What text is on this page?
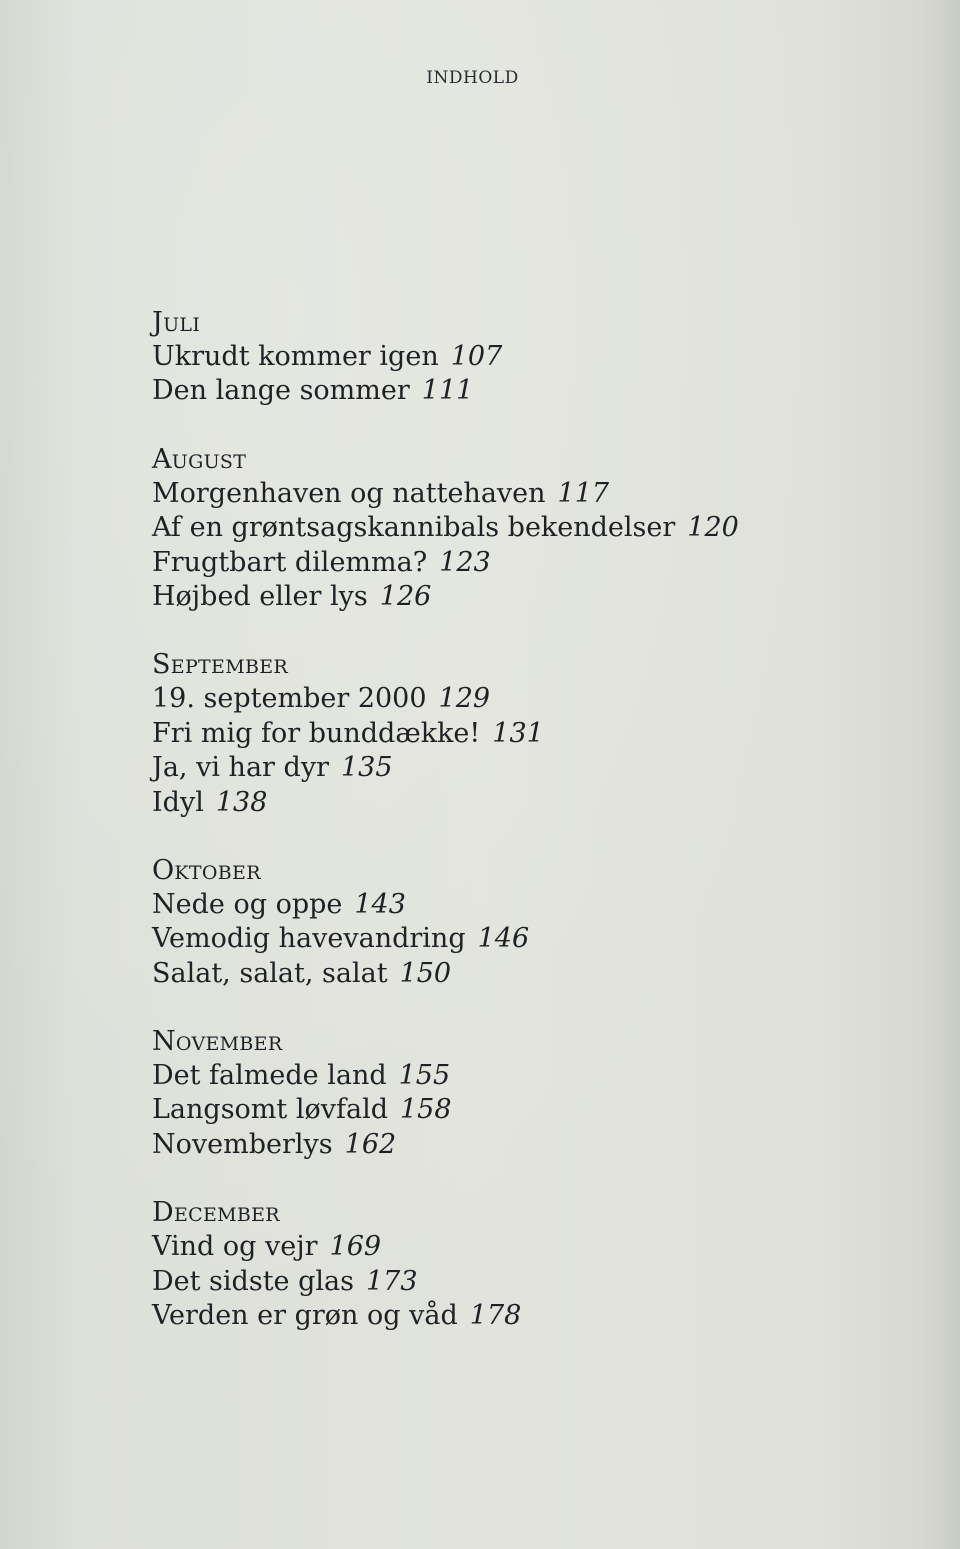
INDHOLD
Juli
Ukrudt kommer igen 107
Den lange sommer 111
August
Morgenhaven og nattehaven 117
Af en grøntsagskannibals bekendelser 120
Frugtbart dilemma? 123
Højbed eller lys 126
September
19. september 2000 129
Fri mig for bunddække! 131
Ja, vi har dyr 135
Idyl 138
Oktober
Nede og oppe 143
Vemodig havevandring 146
Salat, salat, salat 150
November
Det falmede land 155
Langsomt løvfald 158
Novemberlys 162
December
Vind og vejr 169
Det sidste glas 173
Verden er grøn og våd 178
